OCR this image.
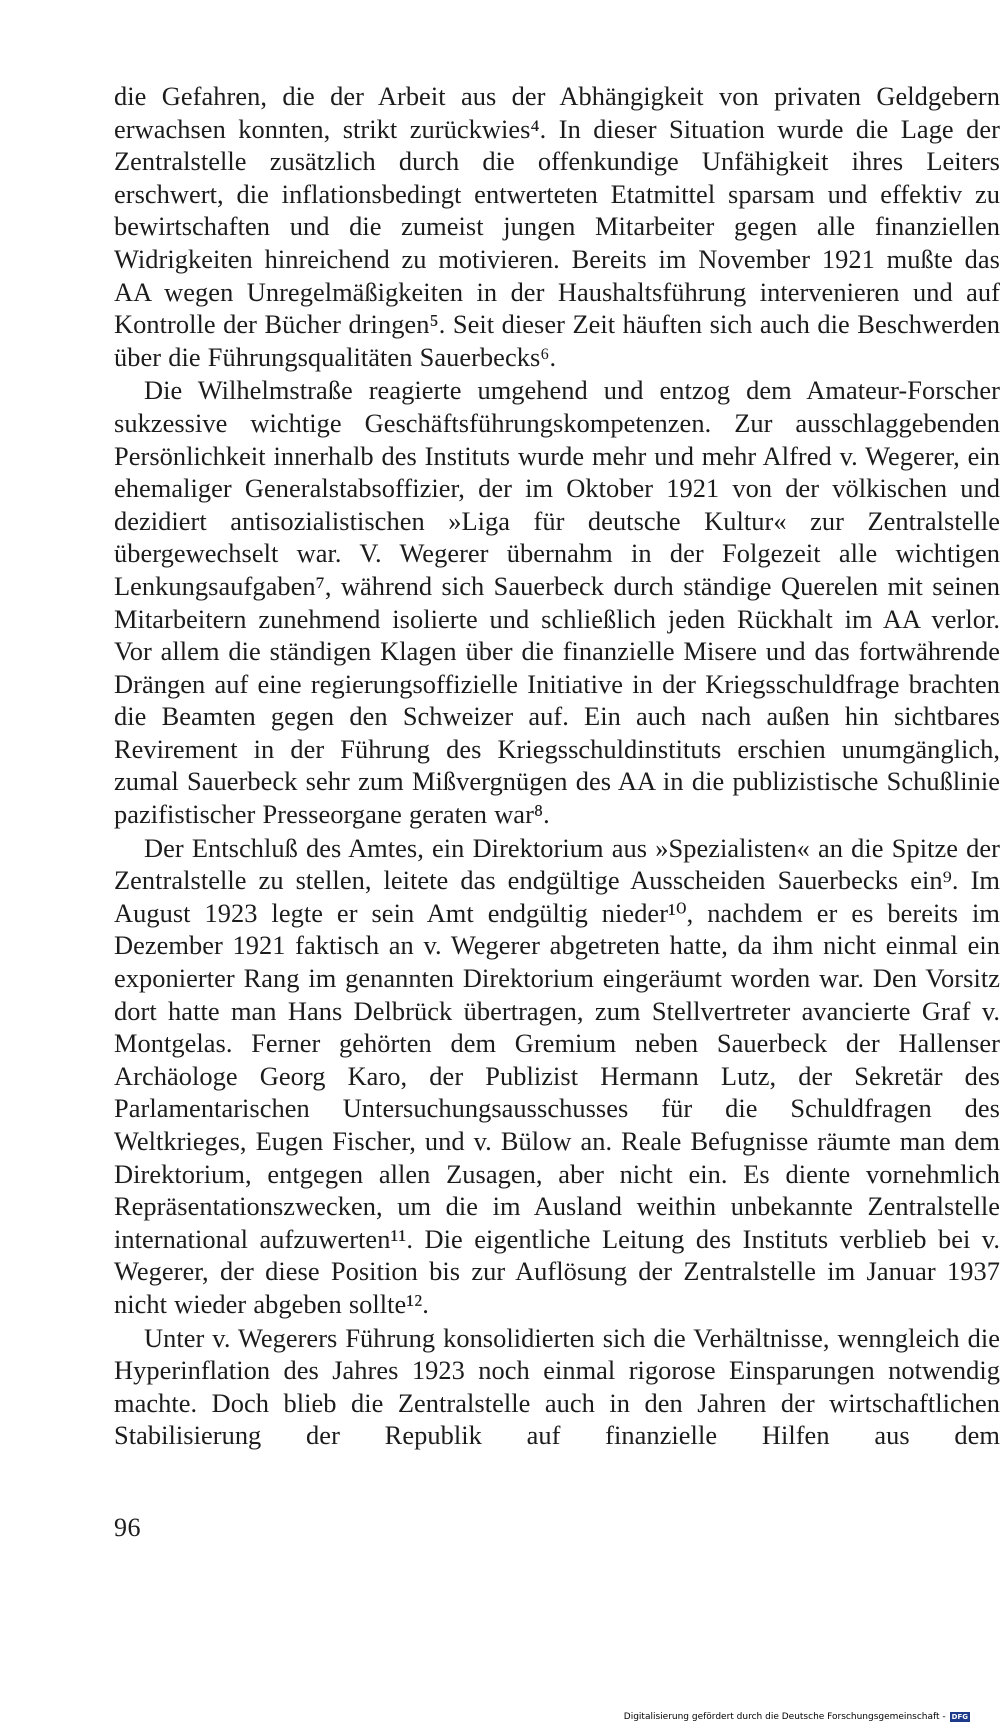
die Gefahren, die der Arbeit aus der Abhängigkeit von privaten Geldgebern erwachsen konnten, strikt zurückwies⁴. In dieser Situation wurde die Lage der Zentralstelle zusätzlich durch die offenkundige Unfähigkeit ihres Leiters erschwert, die inflationsbedingt entwerteten Etatmittel sparsam und effektiv zu bewirtschaften und die zumeist jungen Mitarbeiter gegen alle finanziellen Widrigkeiten hinreichend zu motivieren. Bereits im November 1921 mußte das AA wegen Unregelmäßigkeiten in der Haushaltsführung intervenieren und auf Kontrolle der Bücher dringen⁵. Seit dieser Zeit häuften sich auch die Beschwerden über die Führungsqualitäten Sauerbecks⁶.

Die Wilhelmstraße reagierte umgehend und entzog dem Amateur-Forscher sukzessive wichtige Geschäftsführungskompetenzen. Zur ausschlaggebenden Persönlichkeit innerhalb des Instituts wurde mehr und mehr Alfred v. Wegerer, ein ehemaliger Generalstabsoffizier, der im Oktober 1921 von der völkischen und dezidiert antisozialistischen »Liga für deutsche Kultur« zur Zentralstelle übergewechselt war. V. Wegerer übernahm in der Folgezeit alle wichtigen Lenkungsaufgaben⁷, während sich Sauerbeck durch ständige Querelen mit seinen Mitarbeitern zunehmend isolierte und schließlich jeden Rückhalt im AA verlor. Vor allem die ständigen Klagen über die finanzielle Misere und das fortwährende Drängen auf eine regierungsoffizielle Initiative in der Kriegsschuldfrage brachten die Beamten gegen den Schweizer auf. Ein auch nach außen hin sichtbares Revirement in der Führung des Kriegsschuldinstituts erschien unumgänglich, zumal Sauerbeck sehr zum Mißvergnügen des AA in die publizistische Schußlinie pazifistischer Presseorgane geraten war⁸.

Der Entschluß des Amtes, ein Direktorium aus »Spezialisten« an die Spitze der Zentralstelle zu stellen, leitete das endgültige Ausscheiden Sauerbecks ein⁹. Im August 1923 legte er sein Amt endgültig nieder¹⁰, nachdem er es bereits im Dezember 1921 faktisch an v. Wegerer abgetreten hatte, da ihm nicht einmal ein exponierter Rang im genannten Direktorium eingeräumt worden war. Den Vorsitz dort hatte man Hans Delbrück übertragen, zum Stellvertreter avancierte Graf v. Montgelas. Ferner gehörten dem Gremium neben Sauerbeck der Hallenser Archäologe Georg Karo, der Publizist Hermann Lutz, der Sekretär des Parlamentarischen Untersuchungsausschusses für die Schuldfragen des Weltkrieges, Eugen Fischer, und v. Bülow an. Reale Befugnisse räumte man dem Direktorium, entgegen allen Zusagen, aber nicht ein. Es diente vornehmlich Repräsentationszwecken, um die im Ausland weithin unbekannte Zentralstelle international aufzuwerten¹¹. Die eigentliche Leitung des Instituts verblieb bei v. Wegerer, der diese Position bis zur Auflösung der Zentralstelle im Januar 1937 nicht wieder abgeben sollte¹².

Unter v. Wegerers Führung konsolidierten sich die Verhältnisse, wenngleich die Hyperinflation des Jahres 1923 noch einmal rigorose Einsparungen notwendig machte. Doch blieb die Zentralstelle auch in den Jahren der wirtschaftlichen Stabilisierung der Republik auf finanzielle Hilfen aus dem

96
Digitalisierung gefördert durch die Deutsche Forschungsgemeinschaft - DFG
